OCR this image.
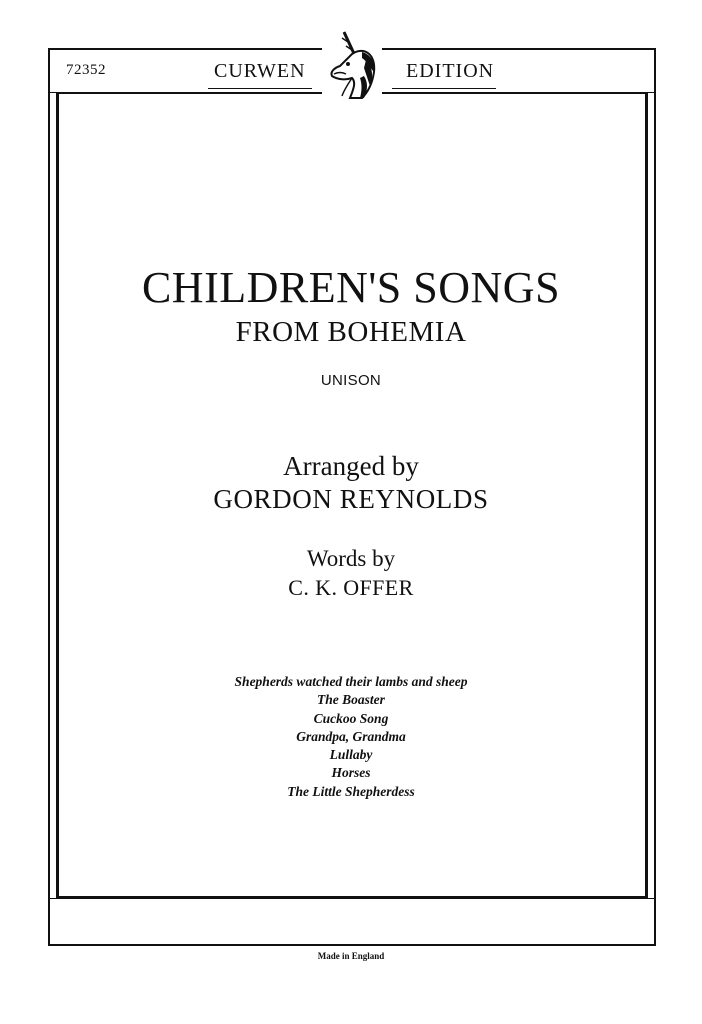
72352	CURWEN	EDITION
CHILDREN'S SONGS
FROM BOHEMIA
UNISON
Arranged by
GORDON REYNOLDS
Words by
C. K. OFFER
Shepherds watched their lambs and sheep
The Boaster
Cuckoo Song
Grandpa, Grandma
Lullaby
Horses
The Little Shepherdess
Made in England
